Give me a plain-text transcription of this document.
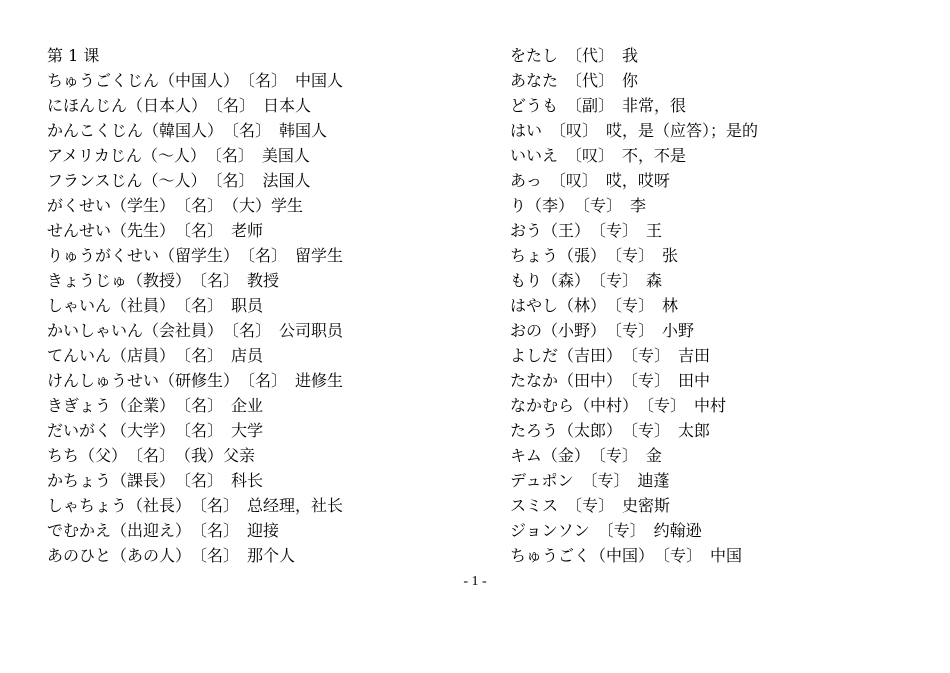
第 1 课
ちゅうごくじん（中国人）　〔名〕　中国人
にほんじん（日本人）　〔名〕　日本人
かんこくじん（韓国人）　〔名〕　韩国人
アメリカじん（～人）　〔名〕　美国人
フランスじん（～人）　〔名〕　法国人
がくせい（学生）　〔名〕　（大）学生
せんせい（先生）　〔名〕　老师
りゅうがくせい（留学生）　〔名〕　留学生
きょうじゅ（教授）　〔名〕　教授
しゃいん（社員）　〔名〕　职员
かいしゃいん（会社員）　〔名〕　公司职员
てんいん（店員）　〔名〕　店员
けんしゅうせい（研修生）　〔名〕　进修生
きぎょう（企業）　〔名〕　企业
だいがく（大学）　〔名〕　大学
ちち（父）　〔名〕　（我）父亲
かちょう（課長）　〔名〕　科长
しゃちょう（社長）　〔名〕　总经理，社长
でむかえ（出迎え）　〔名〕　迎接
あのひと（あの人）　〔名〕　那个人
をたし　〔代〕　我
あなた　〔代〕　你
どうも　〔副〕　非常，很
はい　〔叹〕　哎，是（应答）；是的
いいえ　〔叹〕　不，不是
あっ　〔叹〕　哎，哎呀
り（李）　〔专〕　李
おう（王）　〔专〕　王
ちょう（張）　〔专〕　张
もり（森）　〔专〕　森
はやし（林）　〔专〕　林
おの（小野）　〔专〕　小野
よしだ（吉田）　〔专〕　吉田
たなか（田中）　〔专〕　田中
なかむら（中村）　〔专〕　中村
たろう（太郎）　〔专〕　太郎
キム（金）　〔专〕　金
デュポン　〔专〕　迪蓬
スミス　〔专〕　史密斯
ジョンソン　〔专〕　约翰逊
ちゅうごく（中国）　〔专〕　中国
- 1 -
